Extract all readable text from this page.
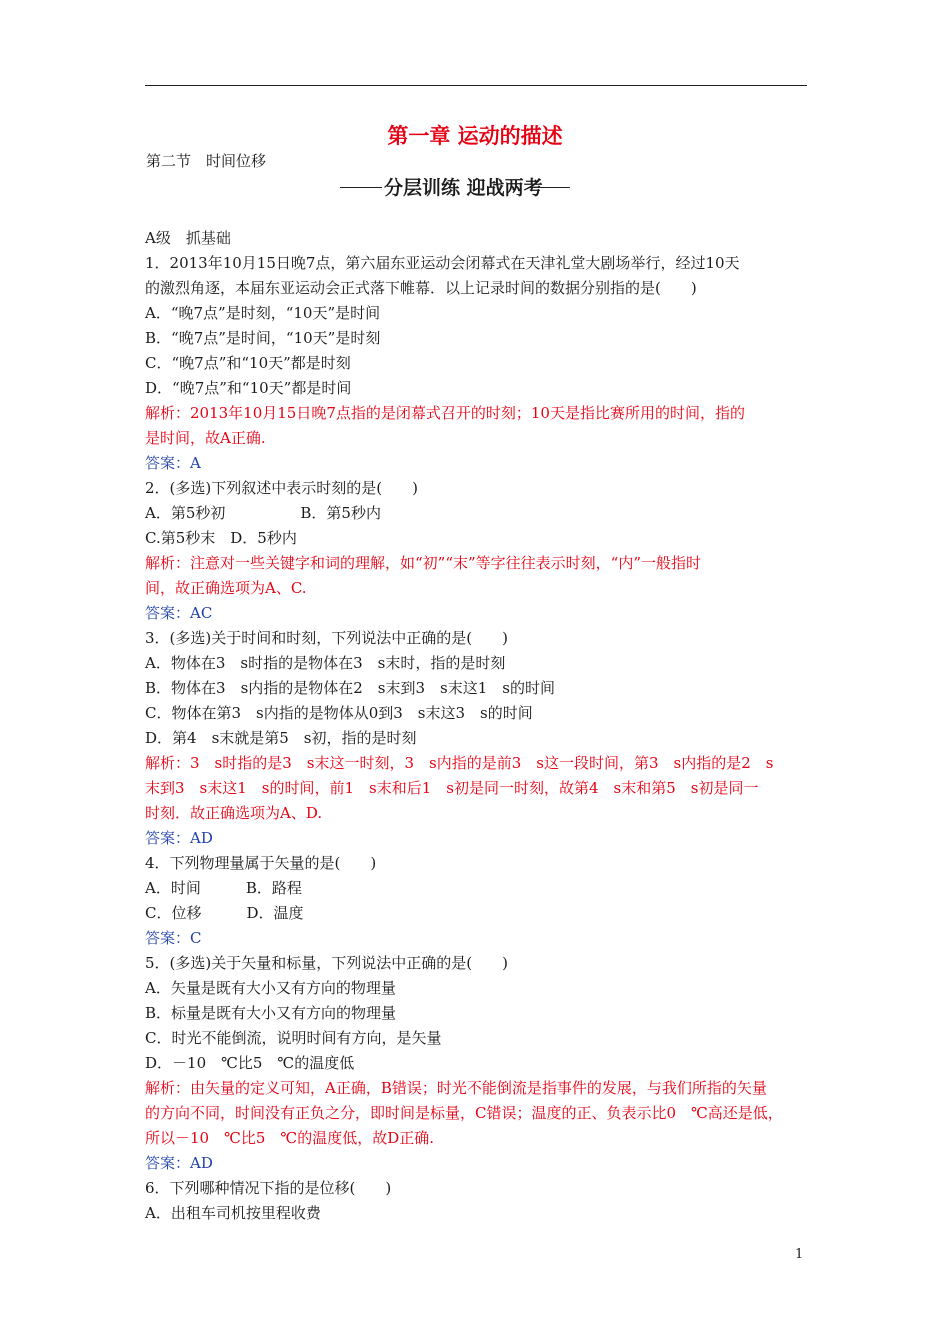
第一章 运动的描述
第二节　时间位移
分层训练 迎战两考
A级　抓基础
1．2013年10月15日晚7点，第六届东亚运动会闭幕式在天津礼堂大剧场举行，经过10天
的激烈角逐，本届东亚运动会正式落下帷幕．以上记录时间的数据分别指的是(　　)
A．“晚7点”是时刻，“10天”是时间
B．“晚7点”是时间，“10天”是时刻
C．“晚7点”和“10天”都是时刻
D．“晚7点”和“10天”都是时间
解析：2013年10月15日晚7点指的是闭幕式召开的时刻；10天是指比赛所用的时间，指的
是时间，故A正确.
答案：A
2．(多选)下列叙述中表示时刻的是(　　)
A．第5秒初　　　　　B．第5秒内
C.第5秒末　D．5秒内
解析：注意对一些关键字和词的理解，如“初”“末”等字往往表示时刻，“内”一般指时
间，故正确选项为A、C.
答案：AC
3．(多选)关于时间和时刻，下列说法中正确的是(　　)
A．物体在3　s时指的是物体在3　s末时，指的是时刻
B．物体在3　s内指的是物体在2　s末到3　s末这1　s的时间
C．物体在第3　s内指的是物体从0到3　s末这3　s的时间
D．第4　s末就是第5　s初，指的是时刻
解析：3　s时指的是3　s末这一时刻，3　s内指的是前3　s这一段时间，第3　s内指的是2　s
末到3　s末这1　s的时间，前1　s末和后1　s初是同一时刻，故第4　s末和第5　s初是同一
时刻．故正确选项为A、D.
答案：AD
4．下列物理量属于矢量的是(　　)
A．时间　　　B．路程
C．位移　　　D．温度
答案：C
5．(多选)关于矢量和标量，下列说法中正确的是(　　)
A．矢量是既有大小又有方向的物理量
B．标量是既有大小又有方向的物理量
C．时光不能倒流，说明时间有方向，是矢量
D．－10　℃比5　℃的温度低
解析：由矢量的定义可知，A正确，B错误；时光不能倒流是指事件的发展，与我们所指的矢量
的方向不同，时间没有正负之分，即时间是标量，C错误；温度的正、负表示比0　℃高还是低，
所以－10　℃比5　℃的温度低，故D正确.
答案：AD
6．下列哪种情况下指的是位移(　　)
A．出租车司机按里程收费
1
